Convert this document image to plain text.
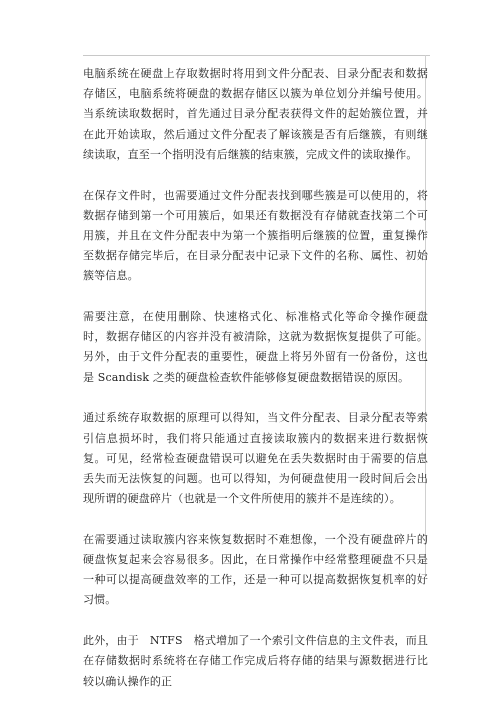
电脑系统在硬盘上存取数据时将用到文件分配表、目录分配表和数据存储区，电脑系统将硬盘的数据存储区以簇为单位划分并编号使用。当系统读取数据时，首先通过目录分配表获得文件的起始簇位置，并在此开始读取，然后通过文件分配表了解该簇是否有后继簇，有则继续读取，直至一个指明没有后继簇的结束簇，完成文件的读取操作。

在保存文件时，也需要通过文件分配表找到哪些簇是可以使用的，将数据存储到第一个可用簇后，如果还有数据没有存储就查找第二个可用簇，并且在文件分配表中为第一个簇指明后继簇的位置，重复操作至数据存储完毕后，在目录分配表中记录下文件的名称、属性、初始簇等信息。

需要注意，在使用删除、快速格式化、标准格式化等命令操作硬盘时，数据存储区的内容并没有被清除，这就为数据恢复提供了可能。另外，由于文件分配表的重要性，硬盘上将另外留有一份备份，这也是 Scandisk 之类的硬盘检查软件能够修复硬盘数据错误的原因。

通过系统存取数据的原理可以得知，当文件分配表、目录分配表等索引信息损坏时，我们将只能通过直接读取簇内的数据来进行数据恢复。可见，经常检查硬盘错误可以避免在丢失数据时由于需要的信息丢失而无法恢复的问题。也可以得知，为何硬盘使用一段时间后会出现所谓的硬盘碎片（也就是一个文件所使用的簇并不是连续的）。

在需要通过读取簇内容来恢复数据时不难想像，一个没有硬盘碎片的硬盘恢复起来会容易很多。因此，在日常操作中经常整理硬盘不只是一种可以提高硬盘效率的工作，还是一种可以提高数据恢复机率的好习惯。

此外，由于　NTFS　格式增加了一个索引文件信息的主文件表，而且在存储数据时系统将在存储工作完成后将存储的结果与源数据进行比较以确认操作的正
